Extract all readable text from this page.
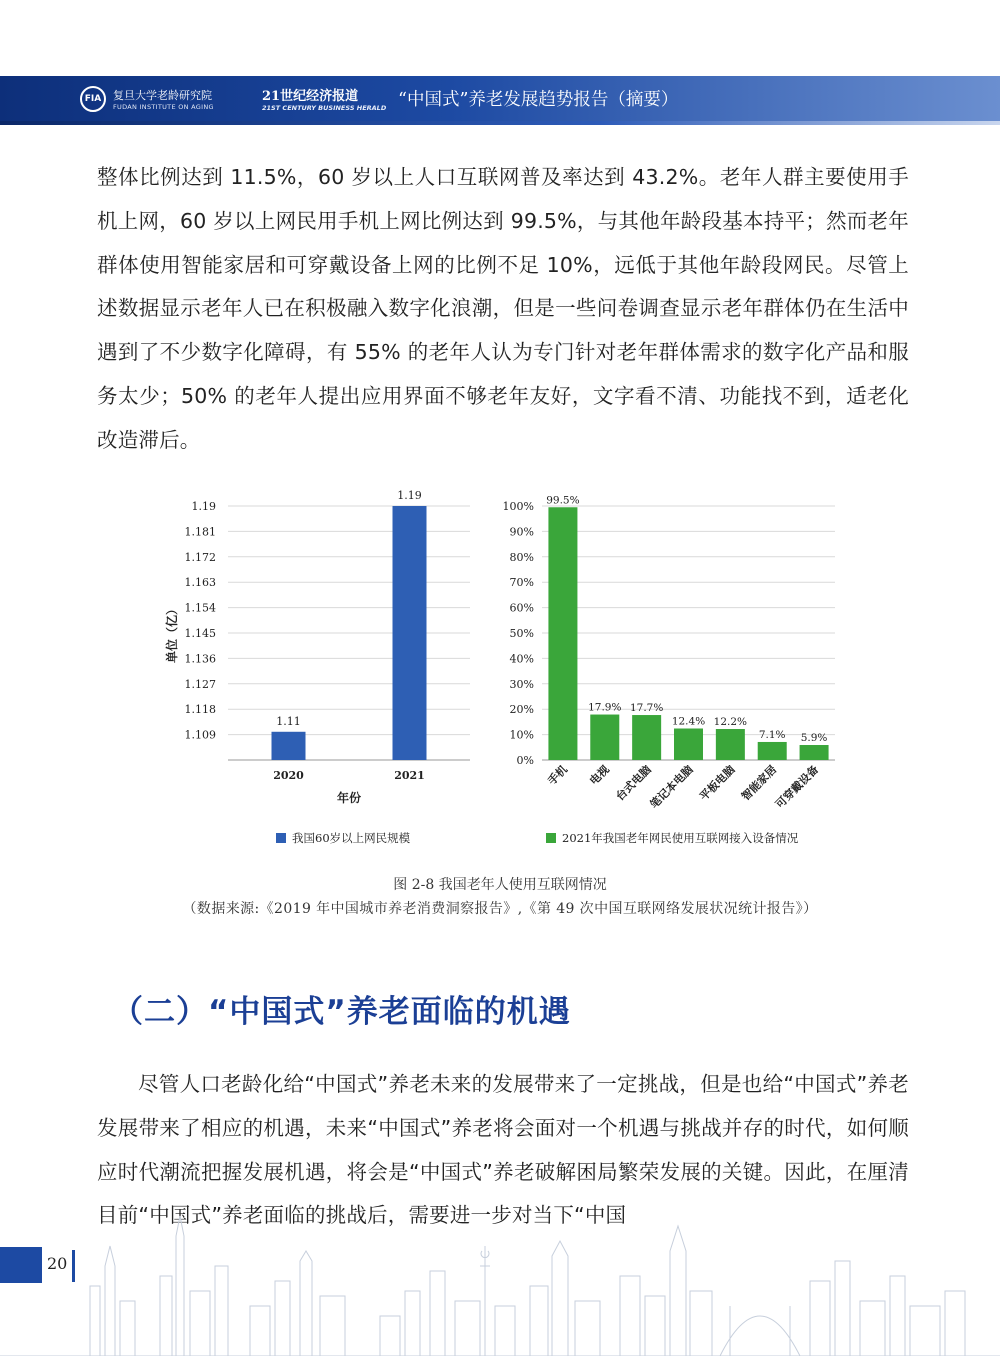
FIA	复旦大学老龄研究院
FUDAN INSTITUTE ON AGING
21世纪经济报道
21ST CENTURY BUSINESS HERALD “中国式”养老发展趋势报告（摘要）

整体比例达到 11.5%，60 岁以上人口互联网普及率达到 43.2%。老年人群主要使用手机上网，60 岁以上网民用手机上网比例达到 99.5%，与其他年龄段基本持平；然而老年群体使用智能家居和可穿戴设备上网的比例不足 10%，远低于其他年龄段网民。尽管上述数据显示老年人已在积极融入数字化浪潮，但是一些问卷调查显示老年群体仍在生活中遇到了不少数字化障碍，有 55% 的老年人认为专门针对老年群体需求的数字化产品和服务太少；50% 的老年人提出应用界面不够老年友好，文字看不清、功能找不到，适老化改造滞后。

1.109
1.118
1.127
1.136
1.145
1.154
1.163
1.172
1.181
1.19
1.11
2020
1.19
2021
年份
单位（亿）
我国60岁以上网民规模
0%
10%
20%
30%
40%
50%
60%
70%
80%
90%
100% 99.5%
手机
17.9%
电视
17.7%
台式电脑
12.4%
笔记本电脑
12.2%
平板电脑
7.1%
智能家居
5.9%
可穿戴设备
2021年我国老年网民使用互联网接入设备情况

图 2-8 我国老年人使用互联网情况

（数据来源:《2019 年中国城市养老消费洞察报告》,《第 49 次中国互联网络发展状况统计报告》）

（二）“中国式”养老面临的机遇

尽管人口老龄化给“中国式”养老未来的发展带来了一定挑战，但是也给“中国式”养老发展带来了相应的机遇，未来“中国式”养老将会面对一个机遇与挑战并存的时代，如何顺应时代潮流把握发展机遇，将会是“中国式”养老破解困局繁荣发展的关键。因此，在厘清目前“中国式”养老面临的挑战后，需要进一步对当下“中国

20
